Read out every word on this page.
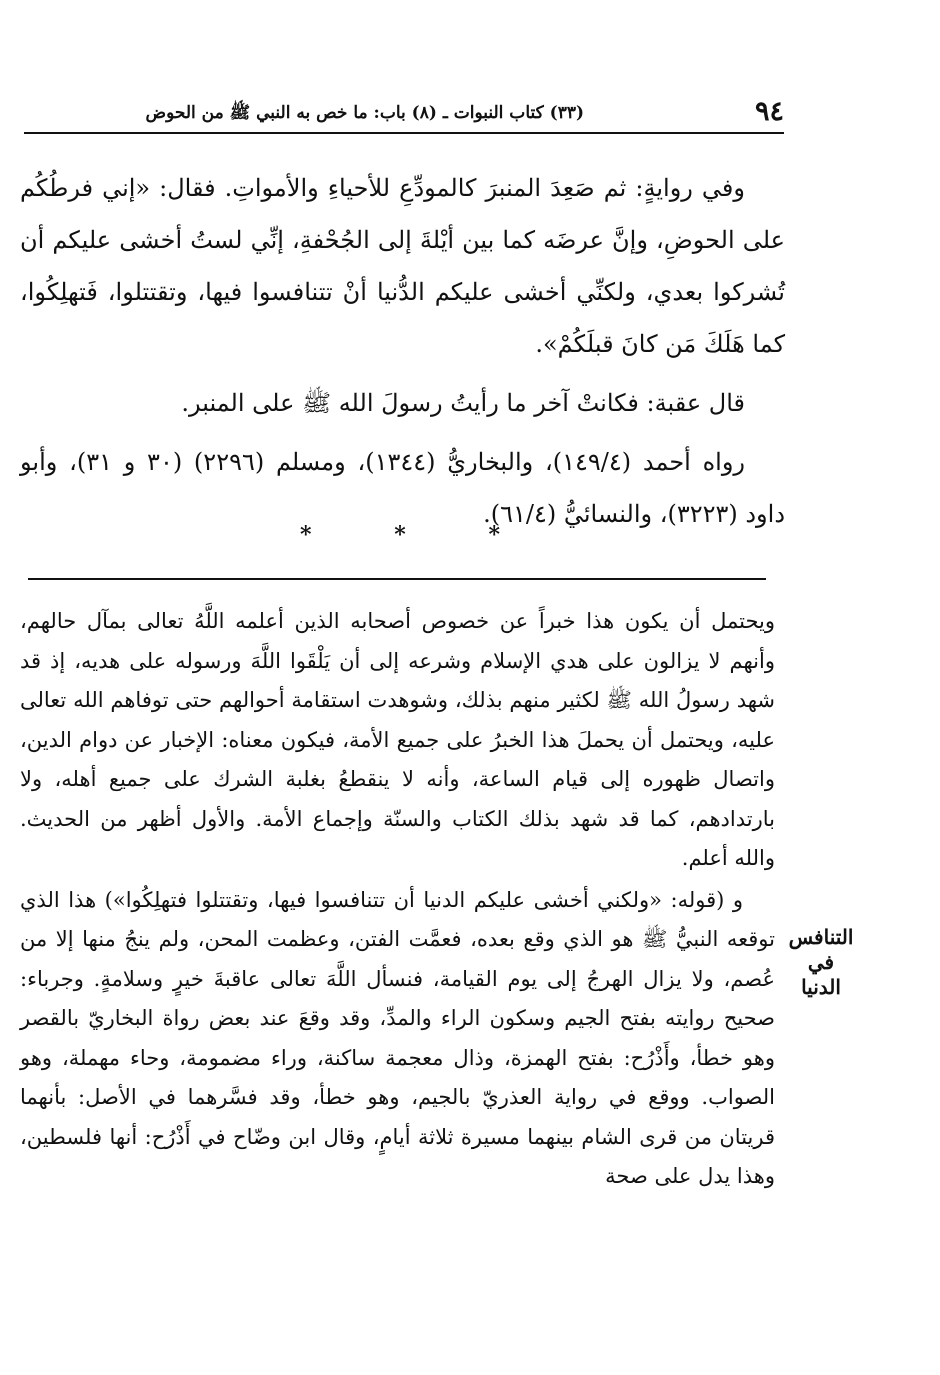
٩٤
(٣٣) كتاب النبوات ـ (٨) باب: ما خص به النبي ﷺ من الحوض

وفي روايةٍ: ثم صَعِدَ المنبرَ كالمودِّعِ للأحياءِ والأمواتِ. فقال: «إني فرطُكُم على الحوضِ، وإنَّ عرضَه كما بين أيْلةَ إلى الجُحْفةِ، إنِّي لستُ أخشى عليكم أن تُشركوا بعدي، ولكنِّي أخشى عليكم الدُّنيا أنْ تتنافسوا فيها، وتقتتلوا، فَتهلِكُوا، كما هَلَكَ مَن كانَ قبلَكُمْ».

قال عقبة: فكانتْ آخر ما رأيتُ رسولَ الله ﷺ على المنبر.

رواه أحمد (١٤٩/٤)، والبخاريُّ (١٣٤٤)، ومسلم (٢٢٩٦) (٣٠ و ٣١)، وأبو داود (٣٢٢٣)، والنسائيُّ (٦١/٤).

*	*	*

ويحتمل أن يكون هذا خبراً عن خصوص أصحابه الذين أعلمه اللَّهُ تعالى بمآل حالهم، وأنهم لا يزالون على هدي الإسلام وشرعه إلى أن يَلْقَوا اللَّهَ ورسوله على هديه، إذ قد شهد رسولُ الله ﷺ لكثير منهم بذلك، وشوهدت استقامة أحوالهم حتى توفاهم الله تعالى عليه، ويحتمل أن يحملَ هذا الخبرُ على جميع الأمة، فيكون معناه: الإخبار عن دوام الدين، واتصال ظهوره إلى قيام الساعة، وأنه لا ينقطعُ بغلبة الشرك على جميع أهله، ولا بارتدادهم، كما قد شهد بذلك الكتاب والسنّة وإجماع الأمة. والأول أظهر من الحديث. والله أعلم.

و (قوله: «ولكني أخشى عليكم الدنيا أن تتنافسوا فيها، وتقتتلوا فتهلِكُوا») هذا الذي توقعه النبيُّ ﷺ هو الذي وقع بعده، فعمَّت الفتن، وعظمت المحن، ولم ينجُ منها إلا من عُصم، ولا يزال الهرجُ إلى يوم القيامة، فنسأل اللَّهَ تعالى عاقبةَ خيرٍ وسلامةٍ. وجرباء: صحيح روايته بفتح الجيم وسكون الراء والمدِّ، وقد وقعَ عند بعض رواة البخاريّ بالقصر وهو خطأ، وأَذْرُح: بفتح الهمزة، وذال معجمة ساكنة، وراء مضمومة، وحاء مهملة، وهو الصواب. ووقع في رواية العذريّ بالجيم، وهو خطأ، وقد فسَّرهما في الأصل: بأنهما قريتان من قرى الشام بينهما مسيرة ثلاثة أيامٍ، وقال ابن وضّاح في أَذْرُح: أنها فلسطين، وهذا يدل على صحة

التنافس
في
الدنيا
